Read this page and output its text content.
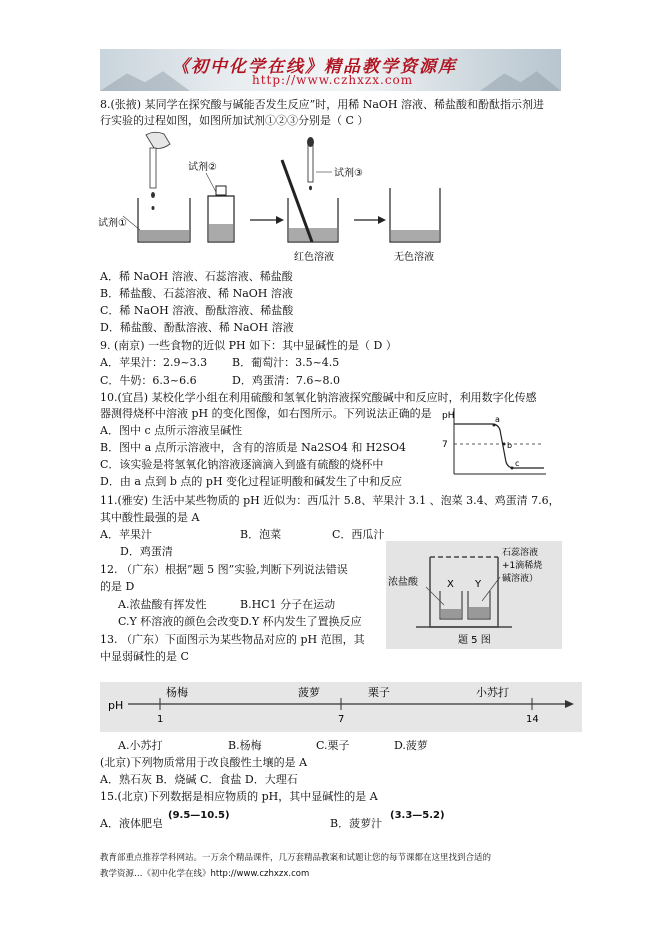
《初中化学在线》精品教学资源库
http://www.czhxzx.com
8.(张掖) 某同学在探究酸与碱能否发生反应”时，用稀 NaOH 溶液、稀盐酸和酚酞指示剂进
行实验的过程如图，如图所加试剂①②③分别是（ C ）
试剂①
试剂②
试剂③
红色溶液	无色溶液
A．稀 NaOH 溶液、石蕊溶液、稀盐酸
B．稀盐酸、石蕊溶液、稀 NaOH 溶液
C．稀 NaOH 溶液、酚酞溶液、稀盐酸
D．稀盐酸、酚酞溶液、稀 NaOH 溶液
9. (南京) 一些食物的近似 PH 如下：其中显碱性的是（ D ）
A．苹果汁：2.9~3.3 B．葡萄汁：3.5~4.5
C．牛奶：6.3~6.6	D．鸡蛋清：7.6~8.0
10.(宜昌) 某校化学小组在利用硫酸和氢氧化钠溶液探究酸碱中和反应时，利用数字化传感
器测得烧杯中溶液 pH 的变化图像，如右图所示。下列说法正确的是
A．图中 c 点所示溶液呈碱性
B．图中 a 点所示溶液中，含有的溶质是 Na2SO4 和 H2SO4
C．该实验是将氢氧化钠溶液逐滴滴入到盛有硫酸的烧杯中
D．由 a 点到 b 点的 pH 变化过程证明酸和碱发生了中和反应
pH
7
a
b
c
11.(雅安) 生活中某些物质的 pH 近似为：西瓜汁 5.8、苹果汁 3.1 、泡菜 3.4、鸡蛋清 7.6，
其中酸性最强的是 A
A．苹果汁	B．泡菜	C．西瓜汁
D．鸡蛋清
12. （广东）根据”题 5 图”实验,判断下列说法错误
的是 D
A.浓盐酸有挥发性	B.HC1 分子在运动
C.Y 杯溶液的颜色会改变 D.Y 杯内发生了置换反应
X Y
浓盐酸
石蕊溶液
+1滴稀烧
碱溶液）
题 5 图
13. （广东）下面图示为某些物品对应的 pH 范围，其
中显弱碱性的是 C
pH
1	7	14
杨梅	菠萝	栗子	小苏打
A.小苏打	B.杨梅	C.栗子	D.菠萝
(北京)下列物质常用于改良酸性土壤的是 A
A．熟石灰 B．烧碱 C．食盐 D．大理石
15.(北京)下列数据是相应物质的 pH，其中显碱性的是 A
A．液体肥皂
(9.5—10.5)
B．菠萝汁
(3.3—5.2)
教育部重点推荐学科网站。一万余个精品课件，几万套精品教案和试题让您的每节课都在这里找到合适的
教学资源…《初中化学在线》http://www.czhxzx.com
